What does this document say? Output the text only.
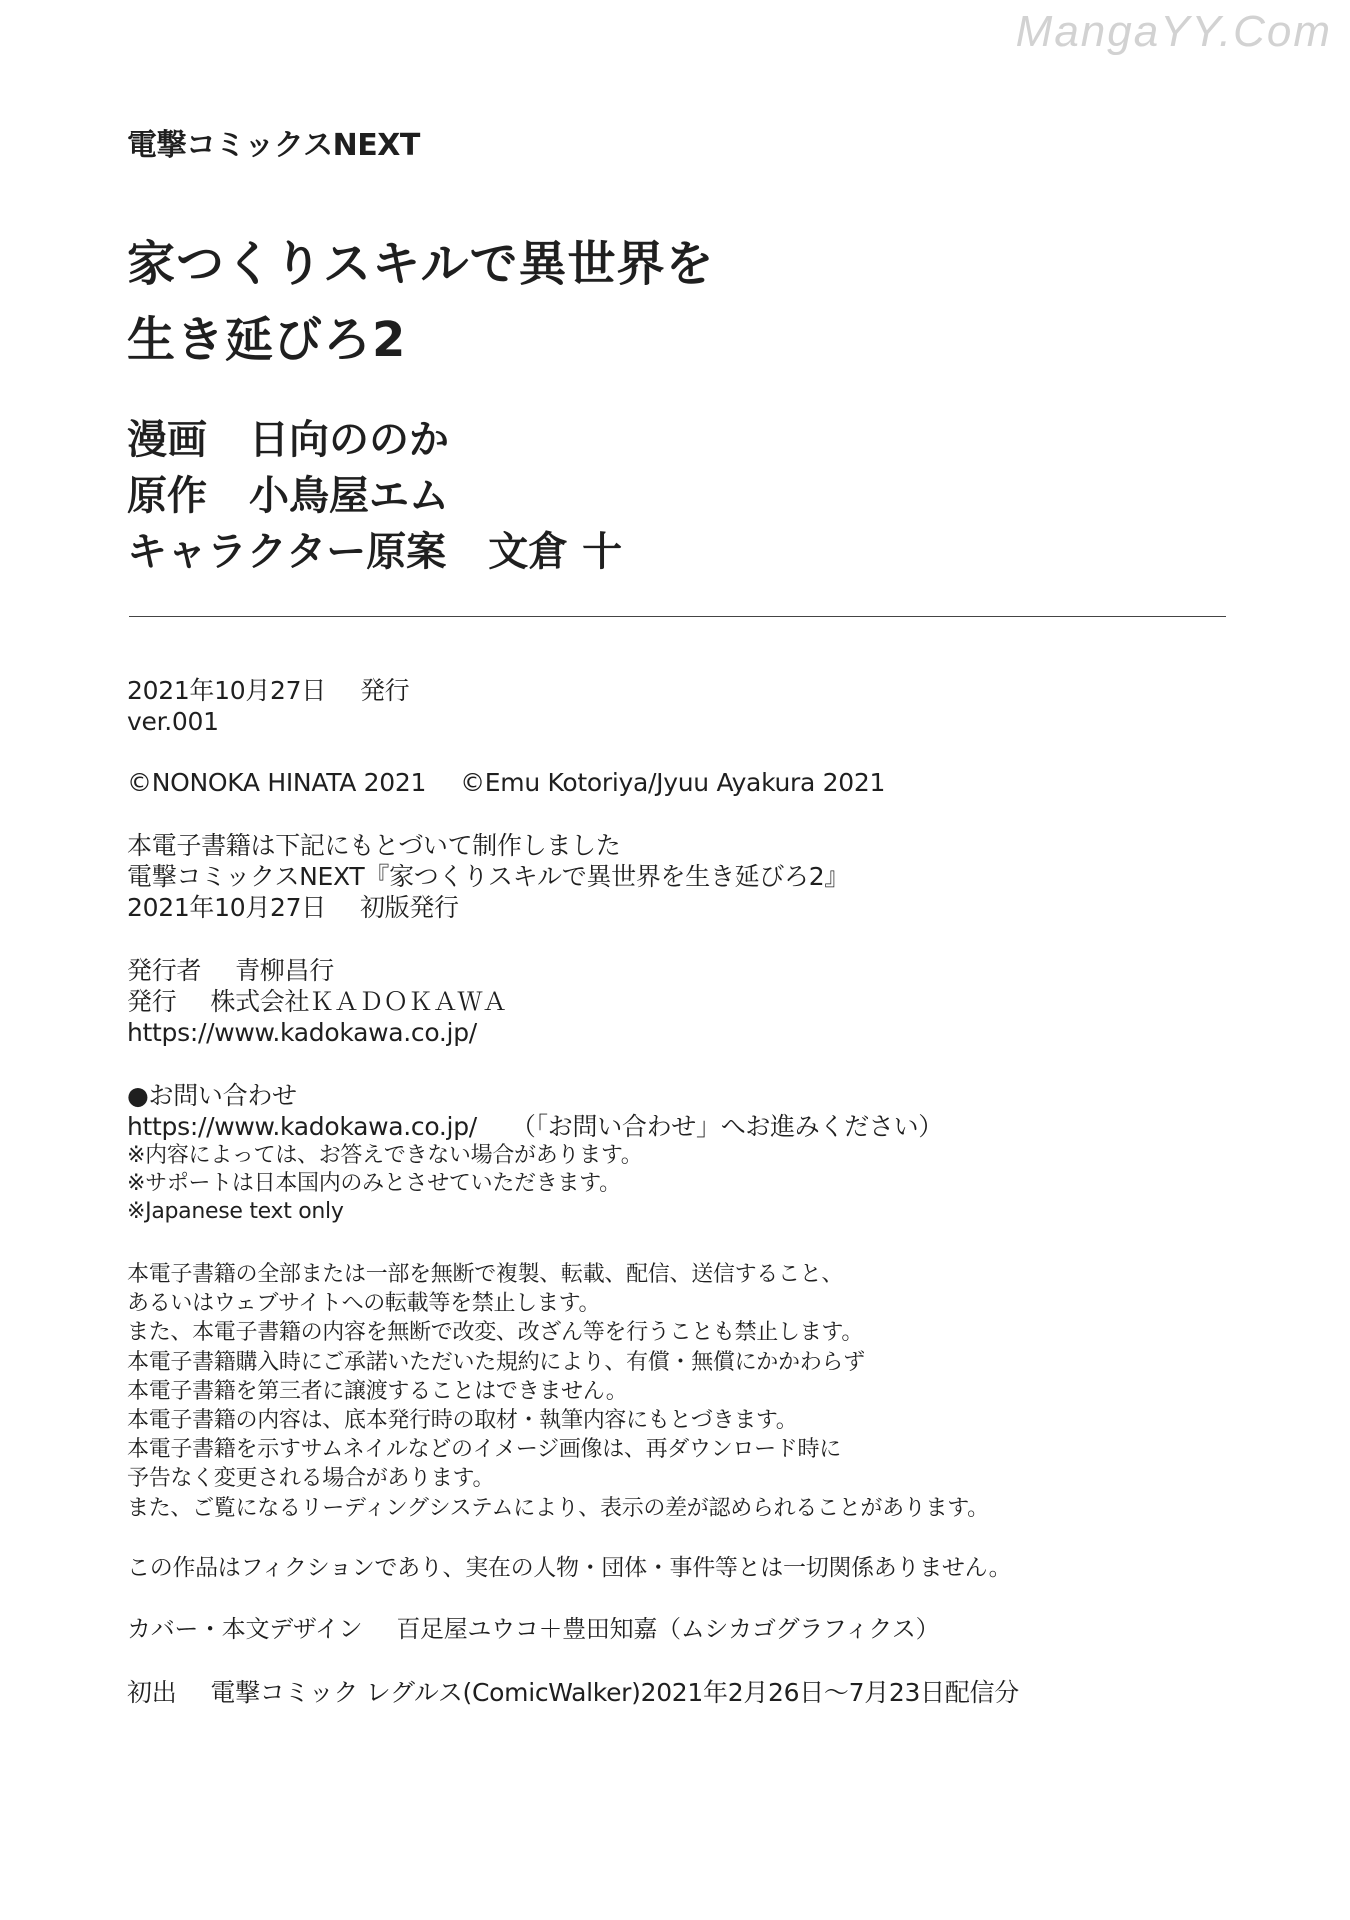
MangaYY.Com
電撃コミックスNEXT
家つくりスキルで異世界を
生き延びろ2
漫画 日向ののか
原作 小鳥屋エム
キャラクター原案 文倉 十
2021年10月27日 発行
ver.001
©NONOKA HINATA 2021 ©Emu Kotoriya/Jyuu Ayakura 2021
本電子書籍は下記にもとづいて制作しました
電撃コミックスNEXT『家つくりスキルで異世界を生き延びろ2』
2021年10月27日 初版発行
発行者 青柳昌行
発行 株式会社ＫＡＤＯＫＡＷＡ
https://www.kadokawa.co.jp/
●お問い合わせ
https://www.kadokawa.co.jp/ （「お問い合わせ」へお進みください）
※内容によっては、お答えできない場合があります。
※サポートは日本国内のみとさせていただきます。
※Japanese text only
本電子書籍の全部または一部を無断で複製、転載、配信、送信すること、
あるいはウェブサイトへの転載等を禁止します。
また、本電子書籍の内容を無断で改変、改ざん等を行うことも禁止します。
本電子書籍購入時にご承諾いただいた規約により、有償・無償にかかわらず
本電子書籍を第三者に譲渡することはできません。
本電子書籍の内容は、底本発行時の取材・執筆内容にもとづきます。
本電子書籍を示すサムネイルなどのイメージ画像は、再ダウンロード時に
予告なく変更される場合があります。
また、ご覧になるリーディングシステムにより、表示の差が認められることがあります。
この作品はフィクションであり、実在の人物・団体・事件等とは一切関係ありません。
カバー・本文デザイン 百足屋ユウコ＋豊田知嘉（ムシカゴグラフィクス）
初出 電撃コミック レグルス(ComicWalker)2021年2月26日〜7月23日配信分
